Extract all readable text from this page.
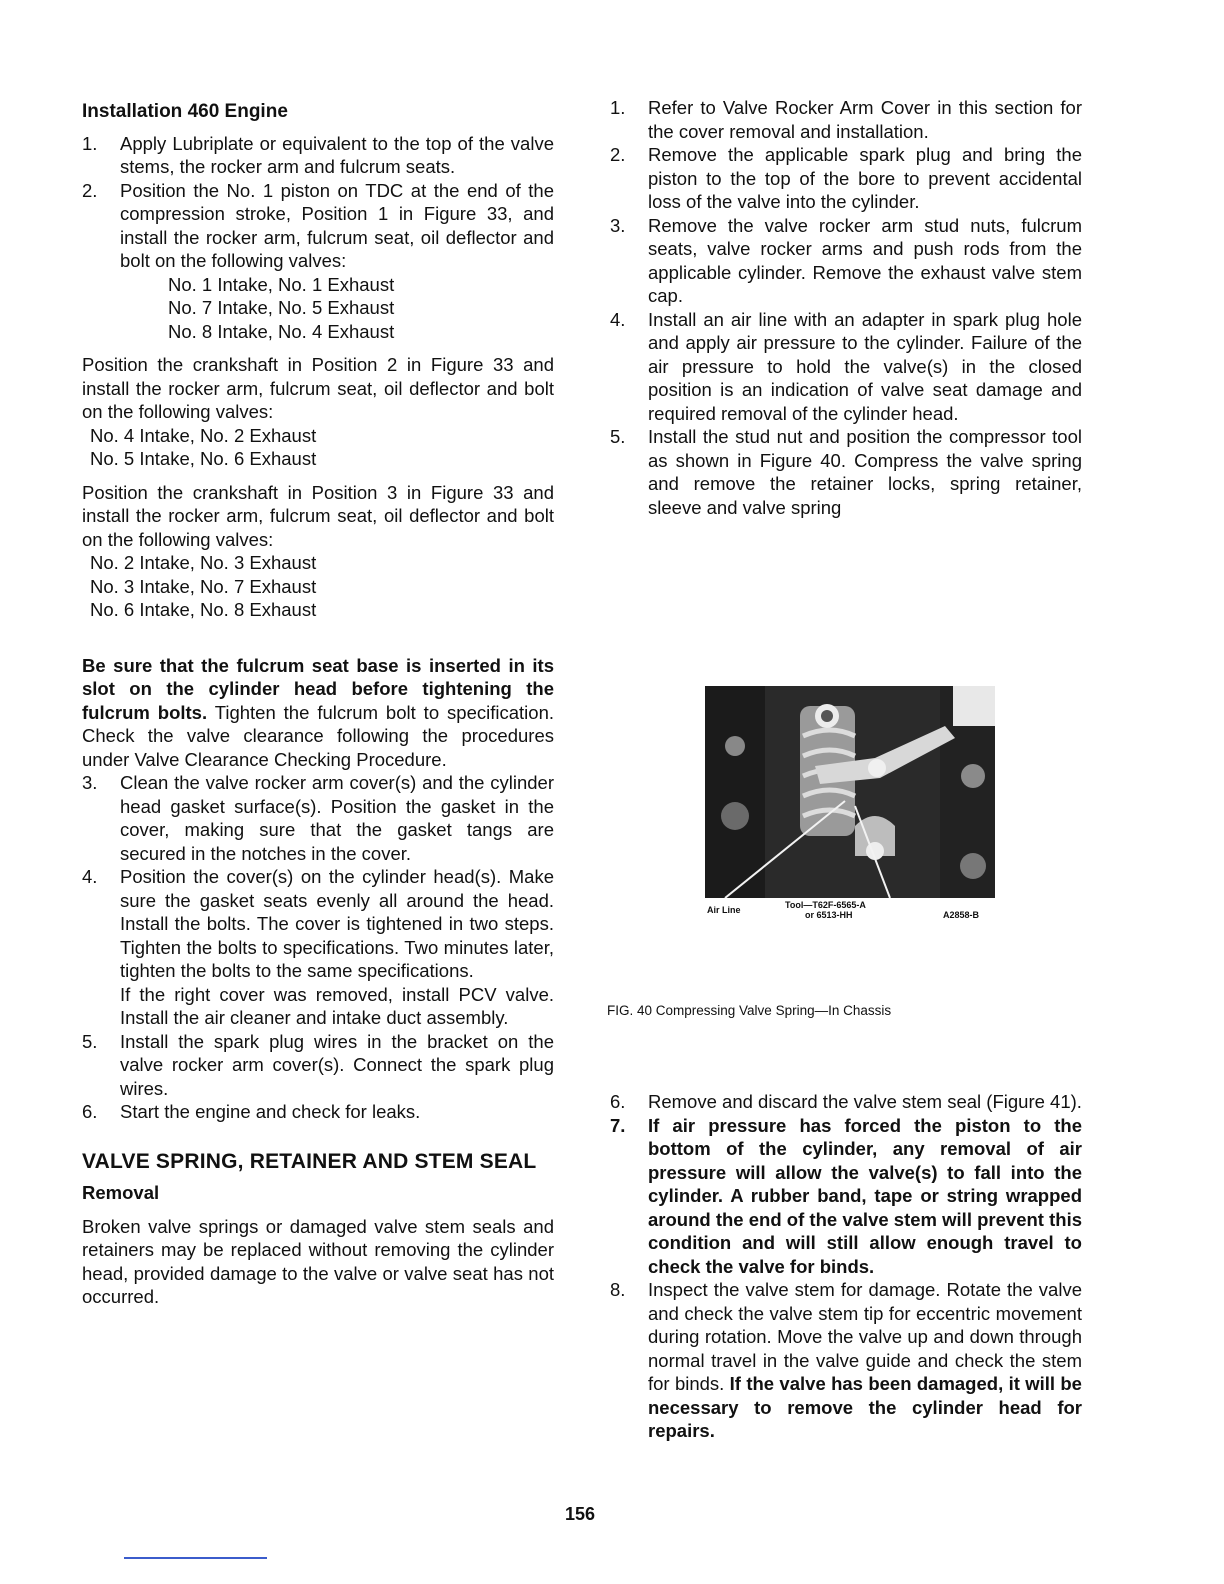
Installation 460 Engine
1.	Apply Lubriplate or equivalent to the top of the valve stems, the rocker arm and fulcrum seats.
2.	Position the No. 1 piston on TDC at the end of the compression stroke, Position 1 in Figure 33, and install the rocker arm, fulcrum seat, oil deflector and bolt on the following valves:
No. 1 Intake, No. 1 Exhaust
No. 7 Intake, No. 5 Exhaust
No. 8 Intake, No. 4 Exhaust

Position the crankshaft in Position 2 in Figure 33 and install the rocker arm, fulcrum seat, oil deflector and bolt on the following valves:

No. 4 Intake, No. 2 Exhaust
No. 5 Intake, No. 6 Exhaust

Position the crankshaft in Position 3 in Figure 33 and install the rocker arm, fulcrum seat, oil deflector and bolt on the following valves:

No. 2 Intake, No. 3 Exhaust
No. 3 Intake, No. 7 Exhaust
No. 6 Intake, No. 8 Exhaust

Be sure that the fulcrum seat base is inserted in its slot on the cylinder head before tightening the fulcrum bolts. Tighten the fulcrum bolt to specification. Check the valve clearance following the procedures under Valve Clearance Checking Procedure.

3.	Clean the valve rocker arm cover(s) and the cylinder head gasket surface(s). Position the gasket in the cover, making sure that the gasket tangs are secured in the notches in the cover.
4.	Position the cover(s) on the cylinder head(s). Make sure the gasket seats evenly all around the head. Install the bolts. The cover is tightened in two steps. Tighten the bolts to specifications. Two minutes later, tighten the bolts to the same specifications.
If the right cover was removed, install PCV valve. Install the air cleaner and intake duct assembly.
5.	Install the spark plug wires in the bracket on the valve rocker arm cover(s). Connect the spark plug wires.
6.	Start the engine and check for leaks.
VALVE SPRING, RETAINER AND STEM SEAL
Removal

Broken valve springs or damaged valve stem seals and retainers may be replaced without removing the cylinder head, provided damage to the valve or valve seat has not occurred.

1.	Refer to Valve Rocker Arm Cover in this section for the cover removal and installation.
2.	Remove the applicable spark plug and bring the piston to the top of the bore to prevent accidental loss of the valve into the cylinder.
3.	Remove the valve rocker arm stud nuts, fulcrum seats, valve rocker arms and push rods from the applicable cylinder. Remove the exhaust valve stem cap.
4.	Install an air line with an adapter in spark plug hole and apply air pressure to the cylinder. Failure of the air pressure to hold the valve(s) in the closed position is an indication of valve seat damage and required removal of the cylinder head.
5.	Install the stud nut and position the compressor tool as shown in Figure 40. Compress the valve spring and remove the retainer locks, spring retainer, sleeve and valve spring
Air Line	Tool—T62F-6565-A
or 6513-HH	A2858-B
FIG. 40 Compressing Valve Spring—In Chassis
6.	Remove and discard the valve stem seal (Figure 41).
7.	If air pressure has forced the piston to the bottom of the cylinder, any removal of air pressure will allow the valve(s) to fall into the cylinder. A rubber band, tape or string wrapped around the end of the valve stem will prevent this condition and will still allow enough travel to check the valve for binds.
8.	Inspect the valve stem for damage. Rotate the valve and check the valve stem tip for eccentric movement during rotation. Move the valve up and down through normal travel in the valve guide and check the stem for binds. If the valve has been damaged, it will be necessary to remove the cylinder head for repairs.
156
